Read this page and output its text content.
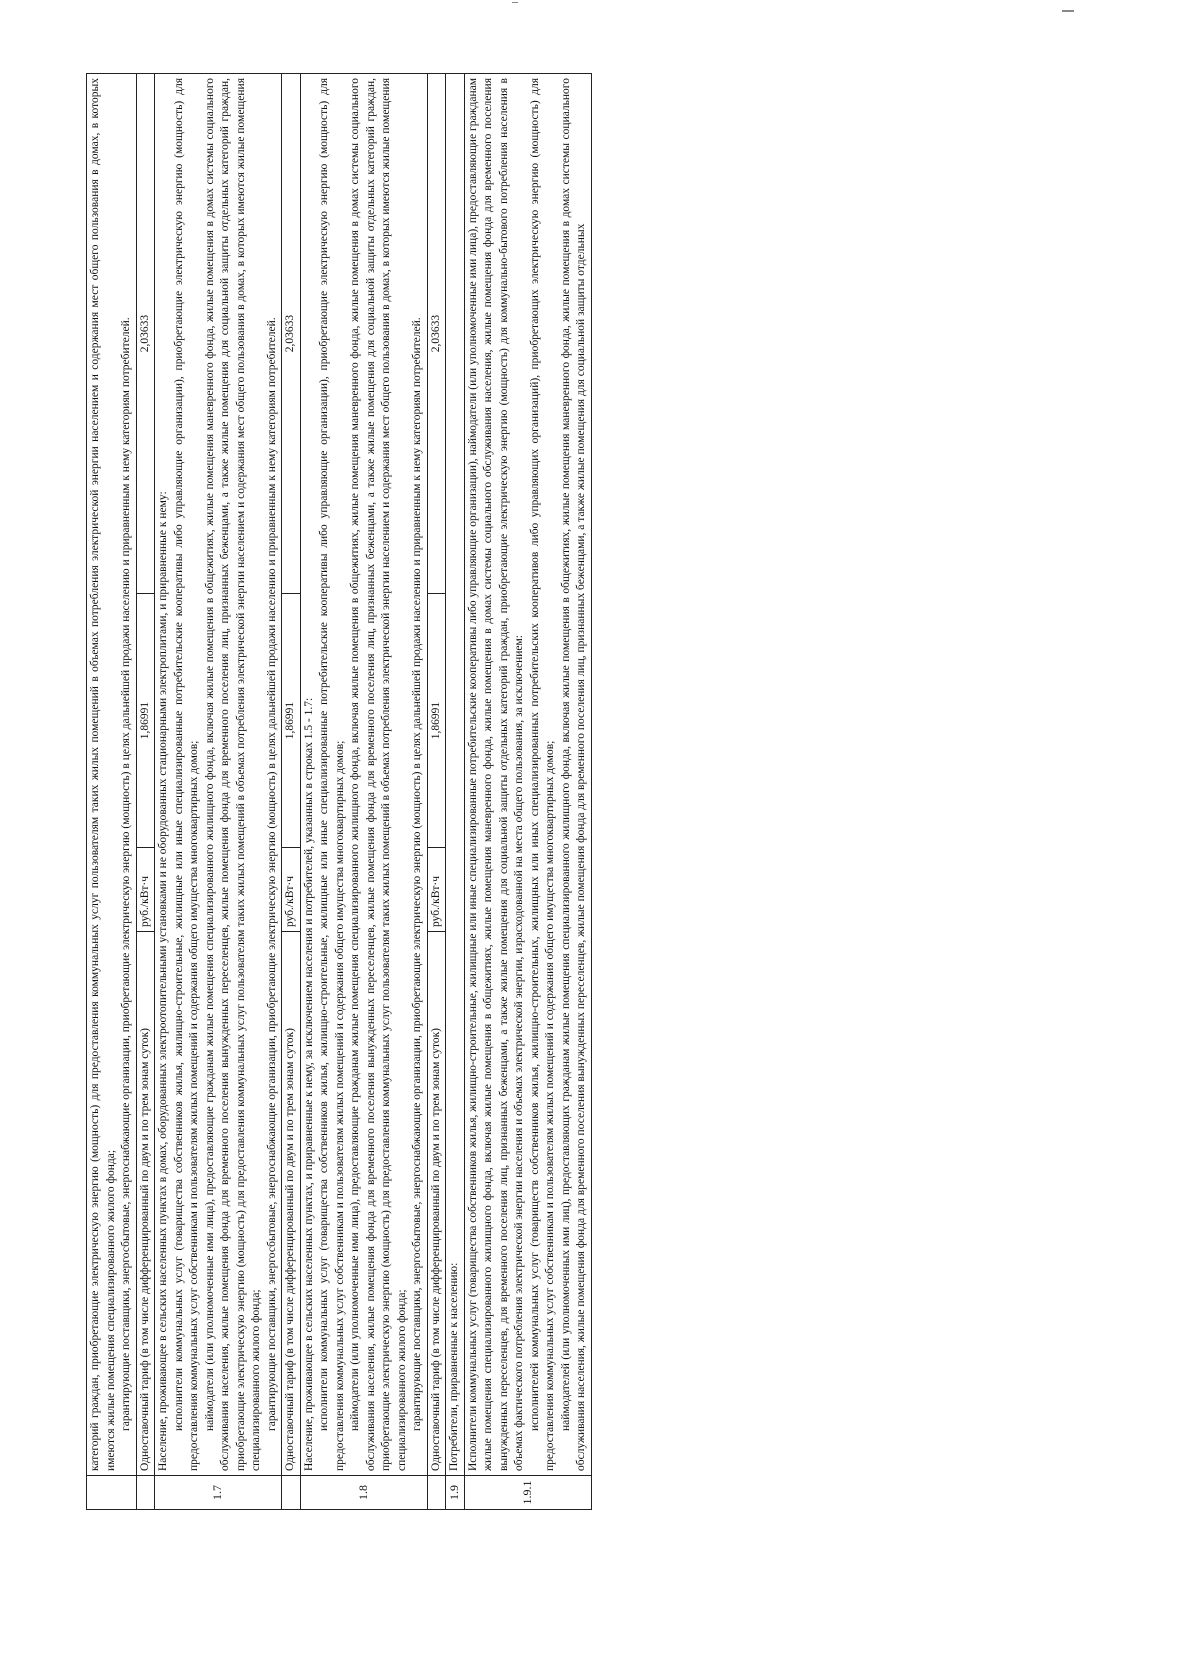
	категорий граждан, приобретающие электрическую энергию (мощность) для предоставления коммунальных услуг пользователям таких жилых помещений в объемах потребления электрической энергии населением и содержания мест общего пользования в домах, в которых имеются жилые помещения специализированного жилого фонда; гарантирующие поставщики, энергосбытовые, энергоснабжающие организации, приобретающие электрическую энергию (мощность) в целях дальнейшей продажи населению и приравненным к нему категориям потребителей.			

	Одноставочный тариф (в том числе дифференцированный по двум и по трем зонам суток)	руб./кВт·ч	1,86991	2,03633
1.7	Население, проживающее в сельских населенных пунктах в домах, оборудованных электроотопительными установками и не оборудованных стационарными электроплитами, и приравненные к нему: исполнители коммунальных услуг (товарищества собственников жилья, жилищно-строительные, жилищные или иные специализированные потребительские кооперативы либо управляющие организации), приобретающие электрическую энергию (мощность) для предоставления коммунальных услуг собственникам и пользователям жилых помещений и содержания общего имущества многоквартирных домов; наймодатели (или уполномоченные ими лица), предоставляющие гражданам жилые помещения специализированного жилищного фонда, включая жилые помещения в общежитиях, жилые помещения маневренного фонда, жилые помещения в домах системы социального обслуживания населения, жилые помещения фонда для временного поселения вынужденных переселенцев, жилые помещения фонда для временного поселения лиц, признанных беженцами, а также жилые помещения для социальной защиты отдельных категорий граждан, приобретающие электрическую энергию (мощность) для предоставления коммунальных услуг пользователям таких жилых помещений в объемах потребления электрической энергии населением и содержания мест общего пользования в домах, в которых имеются жилые помещения специализированного жилого фонда; гарантирующие поставщики, энергосбытовые, энергоснабжающие организации, приобретающие электрическую энергию (мощность) в целях дальнейшей продажи населению и приравненным к нему категориям потребителей.			

	Одноставочный тариф (в том числе дифференцированный по двум и по трем зонам суток)	руб./кВт·ч	1,86991	2,03633
1.8	Население, проживающее в сельских населенных пунктах, и приравненные к нему, за исключением населения и потребителей, указанных в строках 1.5 - 1.7: исполнители коммунальных услуг (товарищества собственников жилья, жилищно-строительные, жилищные или иные специализированные потребительские кооперативы либо управляющие организации), приобретающие электрическую энергию (мощность) для предоставления коммунальных услуг собственникам и пользователям жилых помещений и содержания общего имущества многоквартирных домов; наймодатели (или уполномоченные ими лица), предоставляющие гражданам жилые помещения специализированного жилищного фонда, включая жилые помещения в общежитиях, жилые помещения маневренного фонда, жилые помещения в домах системы социального обслуживания населения, жилые помещения фонда для временного поселения вынужденных переселенцев, жилые помещения фонда для временного поселения лиц, признанных беженцами, а также жилые помещения для социальной защиты отдельных категорий граждан, приобретающие электрическую энергию (мощность) для предоставления коммунальных услуг пользователям таких жилых помещений в объемах потребления электрической энергии населением и содержания мест общего пользования в домах, в которых имеются жилые помещения специализированного жилого фонда; гарантирующие поставщики, энергосбытовые, энергоснабжающие организации, приобретающие электрическую энергию (мощность) в целях дальнейшей продажи населению и приравненным к нему категориям потребителей.			

	Одноставочный тариф (в том числе дифференцированный по двум и по трем зонам суток)	руб./кВт·ч	1,86991	2,03633
1.9	Потребители, приравненные к населению:			

1.9.1	Исполнители коммунальных услуг (товарищества собственников жилья, жилищно-строительные, жилищные или иные специализированные потребительские кооперативы либо управляющие организации), наймодатели (или уполномоченные ими лица), предоставляющие гражданам жилые помещения специализированного жилищного фонда, включая жилые помещения в общежитиях, жилые помещения маневренного фонда, жилые помещения в домах системы социального обслуживания населения, жилые помещения фонда для временного поселения вынужденных переселенцев, для временного поселения лиц, признанных беженцами, а также жилые помещения для социальной защиты отдельных категорий граждан, приобретающие электрическую энергию (мощность) для коммунально-бытового потребления населения в объемах фактического потребления электрической энергии населения и объемах электрической энергии, израсходованной на места общего пользования, за исключением: исполнителей коммунальных услуг (товариществ собственников жилья, жилищно-строительных, жилищных или иных специализированных потребительских кооперативов либо управляющих организаций), приобретающих электрическую энергию (мощность) для предоставления коммунальных услуг собственникам и пользователям жилых помещений и содержания общего имущества многоквартирных домов; наймодателей (или уполномоченных ими лиц), предоставляющих гражданам жилые помещения специализированного жилищного фонда, включая жилые помещения в общежитиях, жилые помещения маневренного фонда, жилые помещения в домах системы социального обслуживания населения, жилые помещения фонда для временного поселения вынужденных переселенцев, жилые помещения фонда для временного поселения лиц, признанных беженцами, а также жилые помещения для социальной защиты отдельных			
